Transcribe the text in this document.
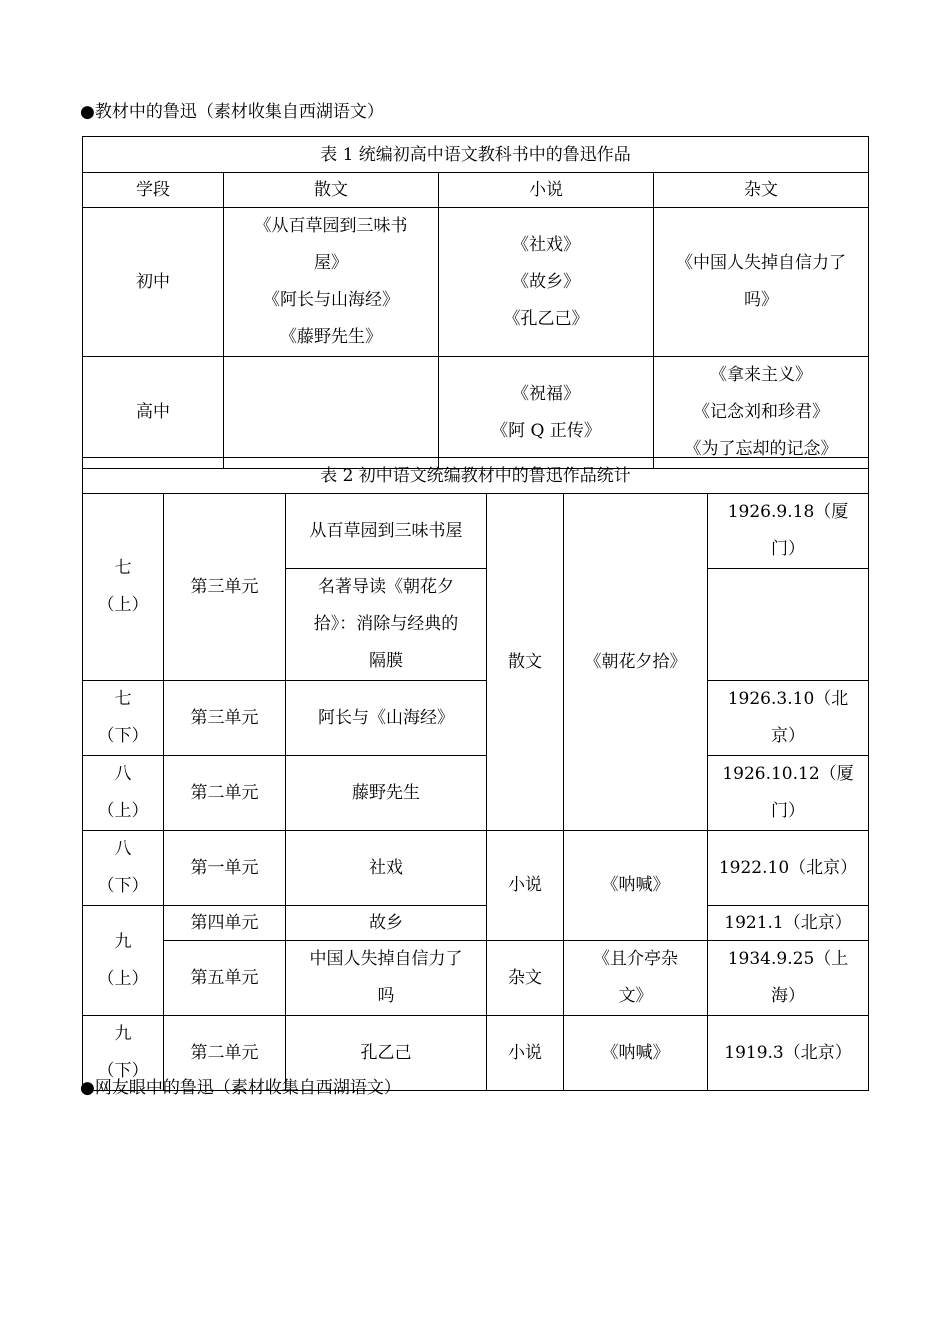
●教材中的鲁迅（素材收集自西湖语文）
表 1 统编初高中语文教科书中的鲁迅作品			
学段	散文	小说	杂文
初中	《从百草园到三味书
屋》
《阿长与山海经》
《藤野先生》	《社戏》
《故乡》
《孔乙己》	《中国人失掉自信力了
吗》

高中		《祝福》
《阿 Q 正传》	《拿来主义》
《记念刘和珍君》
《为了忘却的记念》
表 2 初中语文统编教材中的鲁迅作品统计					

七
（上）	第三单元	从百草园到三味书屋	散文	《朝花夕拾》	1926.9.18（厦
门）

		名著导读《朝花夕
拾》：消除与经典的
隔膜			

七
（下）	第三单元	阿长与《山海经》			1926.3.10（北
京）

八
（上）	第二单元	藤野先生			1926.10.12（厦
门）

八
（下）	第一单元	社戏	小说	《呐喊》	1922.10（北京）

九
（上）	第四单元	故乡			1921.1（北京）
	第五单元	中国人失掉自信力了
吗	杂文	《且介亭杂
文》	1934.9.25（上
海）

九
（下）	第二单元	孔乙己	小说	《呐喊》	1919.3（北京）
●网友眼中的鲁迅（素材收集自西湖语文）
